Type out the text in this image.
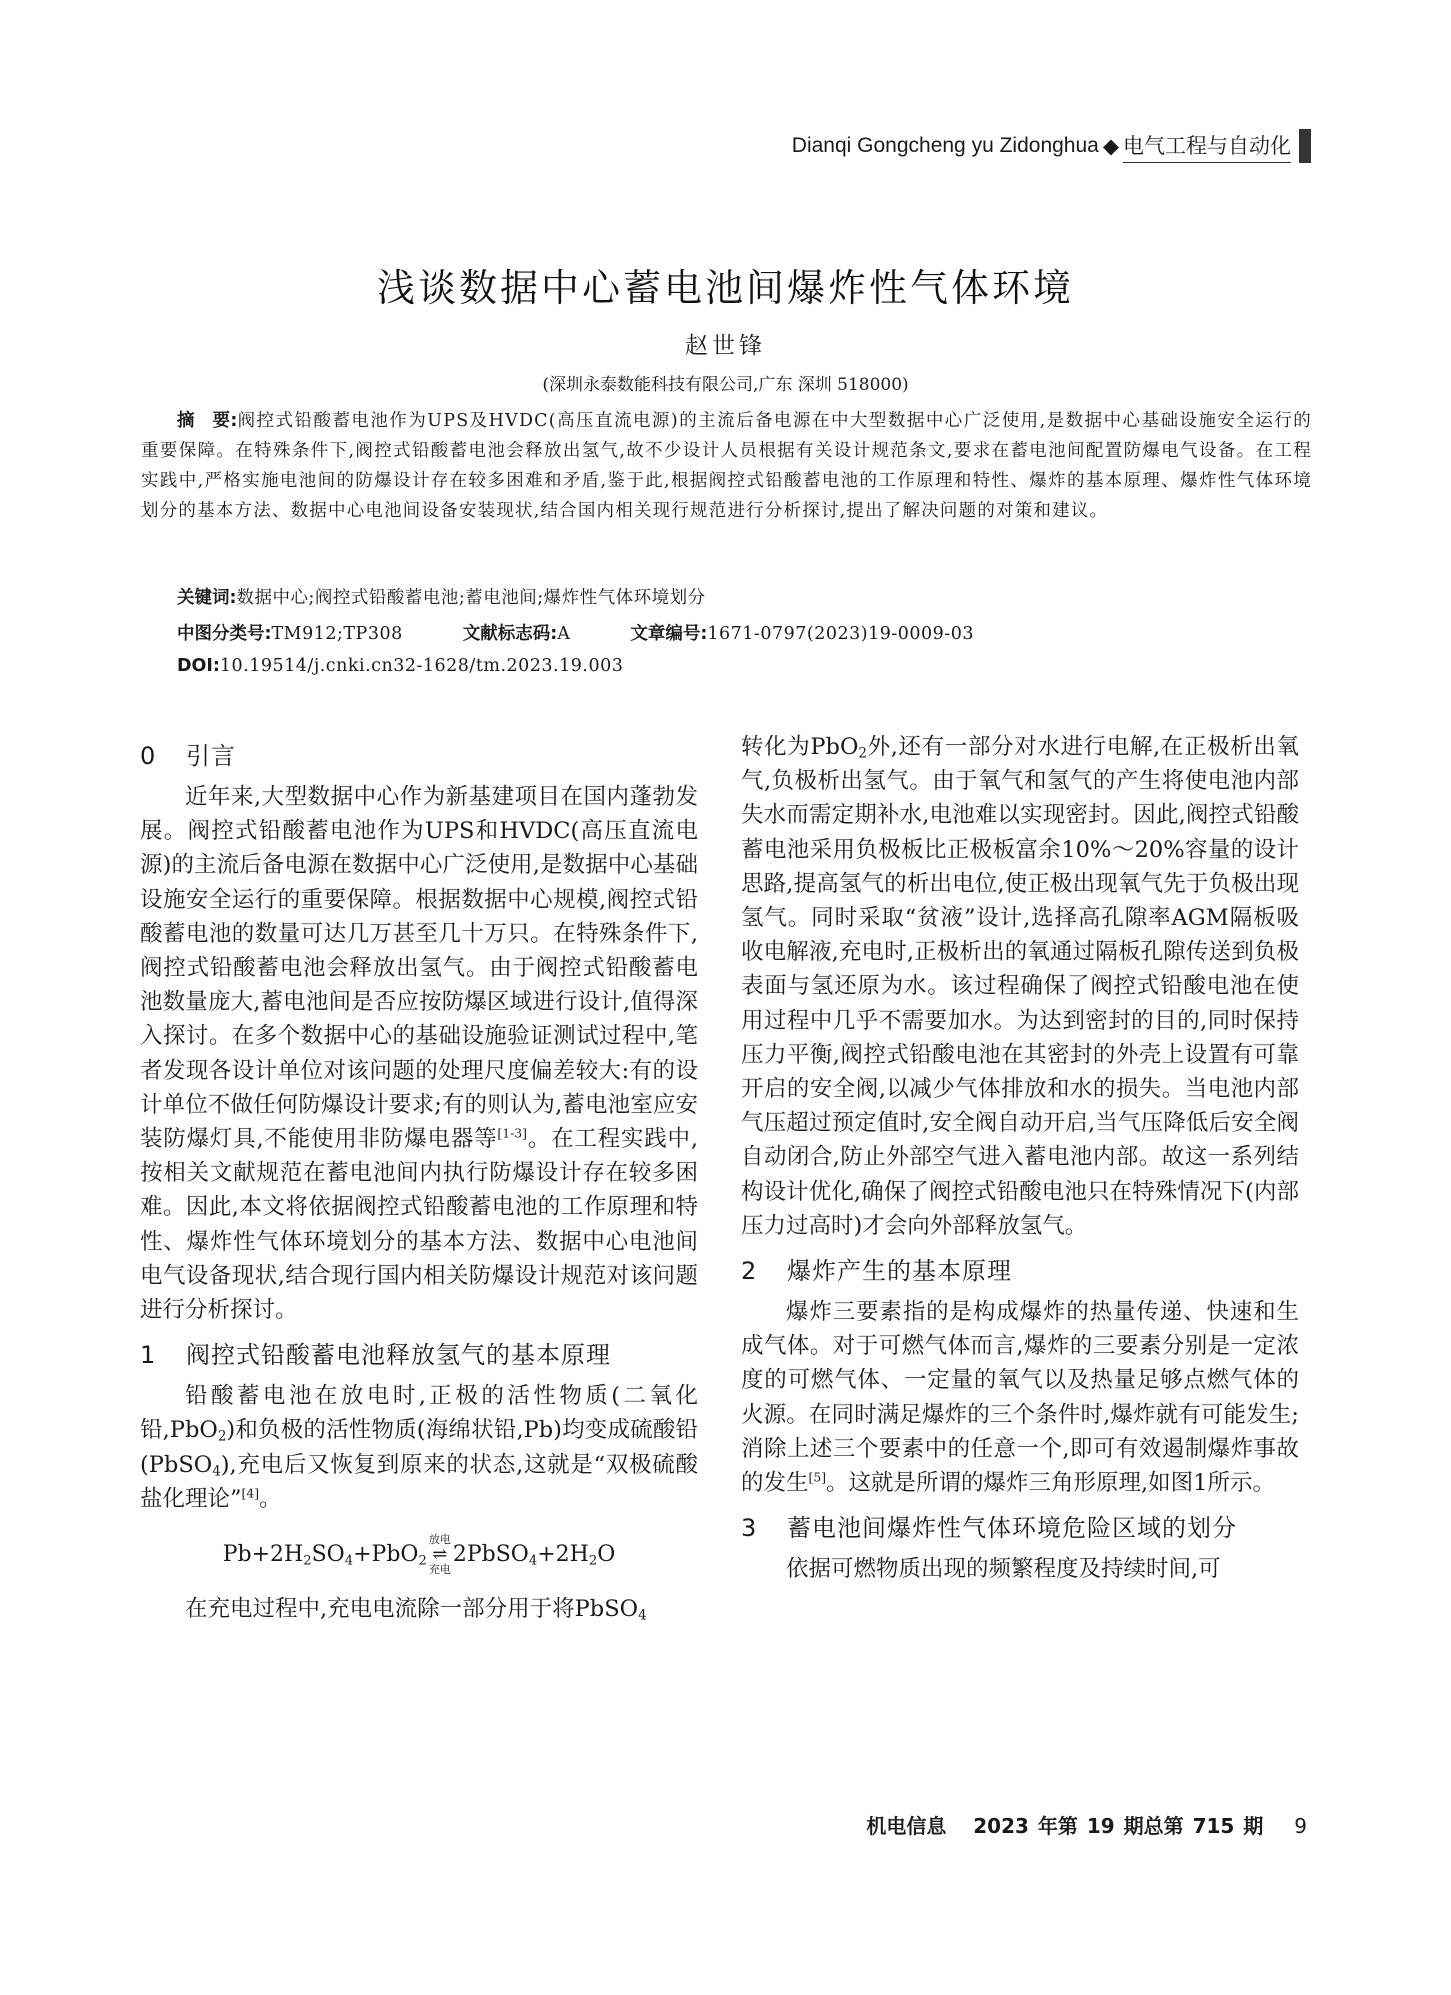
Dianqi Gongcheng yu Zidonghua ◆ 电气工程与自动化
浅谈数据中心蓄电池间爆炸性气体环境
赵世锋
(深圳永泰数能科技有限公司,广东 深圳 518000)
摘　要:阀控式铅酸蓄电池作为UPS及HVDC(高压直流电源)的主流后备电源在中大型数据中心广泛使用,是数据中心基础设施安全运行的重要保障。在特殊条件下,阀控式铅酸蓄电池会释放出氢气,故不少设计人员根据有关设计规范条文,要求在蓄电池间配置防爆电气设备。在工程实践中,严格实施电池间的防爆设计存在较多困难和矛盾,鉴于此,根据阀控式铅酸蓄电池的工作原理和特性、爆炸的基本原理、爆炸性气体环境划分的基本方法、数据中心电池间设备安装现状,结合国内相关现行规范进行分析探讨,提出了解决问题的对策和建议。
关键词:数据中心;阀控式铅酸蓄电池;蓄电池间;爆炸性气体环境划分
中图分类号:TM912;TP308	文献标志码:A	文章编号:1671-0797(2023)19-0009-03
DOI:10.19514/j.cnki.cn32-1628/tm.2023.19.003
0 引言

近年来,大型数据中心作为新基建项目在国内蓬勃发展。阀控式铅酸蓄电池作为UPS和HVDC(高压直流电源)的主流后备电源在数据中心广泛使用,是数据中心基础设施安全运行的重要保障。根据数据中心规模,阀控式铅酸蓄电池的数量可达几万甚至几十万只。在特殊条件下,阀控式铅酸蓄电池会释放出氢气。由于阀控式铅酸蓄电池数量庞大,蓄电池间是否应按防爆区域进行设计,值得深入探讨。在多个数据中心的基础设施验证测试过程中,笔者发现各设计单位对该问题的处理尺度偏差较大:有的设计单位不做任何防爆设计要求;有的则认为,蓄电池室应安装防爆灯具,不能使用非防爆电器等[1-3]。在工程实践中,按相关文献规范在蓄电池间内执行防爆设计存在较多困难。因此,本文将依据阀控式铅酸蓄电池的工作原理和特性、爆炸性气体环境划分的基本方法、数据中心电池间电气设备现状,结合现行国内相关防爆设计规范对该问题进行分析探讨。

1 阀控式铅酸蓄电池释放氢气的基本原理

铅酸蓄电池在放电时,正极的活性物质(二氧化铅,PbO$_2$)和负极的活性物质(海绵状铅,Pb)均变成硫酸铅(PbSO$_4$),充电后又恢复到原来的状态,这就是“双极硫酸盐化理论”[4]。

$Pb+2H_2SO_4+PbO_2$
放电
⇌
充电
$2PbSO_4+2H_2O$

在充电过程中,充电电流除一部分用于将PbSO$_4$

转化为PbO$_2$外,还有一部分对水进行电解,在正极析出氧气,负极析出氢气。由于氧气和氢气的产生将使电池内部失水而需定期补水,电池难以实现密封。因此,阀控式铅酸蓄电池采用负极板比正极板富余10%～20%容量的设计思路,提高氢气的析出电位,使正极出现氧气先于负极出现氢气。同时采取“贫液”设计,选择高孔隙率AGM隔板吸收电解液,充电时,正极析出的氧通过隔板孔隙传送到负极表面与氢还原为水。该过程确保了阀控式铅酸电池在使用过程中几乎不需要加水。为达到密封的目的,同时保持压力平衡,阀控式铅酸电池在其密封的外壳上设置有可靠开启的安全阀,以减少气体排放和水的损失。当电池内部气压超过预定值时,安全阀自动开启,当气压降低后安全阀自动闭合,防止外部空气进入蓄电池内部。故这一系列结构设计优化,确保了阀控式铅酸电池只在特殊情况下(内部压力过高时)才会向外部释放氢气。

2 爆炸产生的基本原理

爆炸三要素指的是构成爆炸的热量传递、快速和生成气体。对于可燃气体而言,爆炸的三要素分别是一定浓度的可燃气体、一定量的氧气以及热量足够点燃气体的火源。在同时满足爆炸的三个条件时,爆炸就有可能发生;消除上述三个要素中的任意一个,即可有效遏制爆炸事故的发生[5]。这就是所谓的爆炸三角形原理,如图1所示。

3 蓄电池间爆炸性气体环境危险区域的划分

依据可燃物质出现的频繁程度及持续时间,可

机电信息 2023 年第 19 期总第 715 期 9
